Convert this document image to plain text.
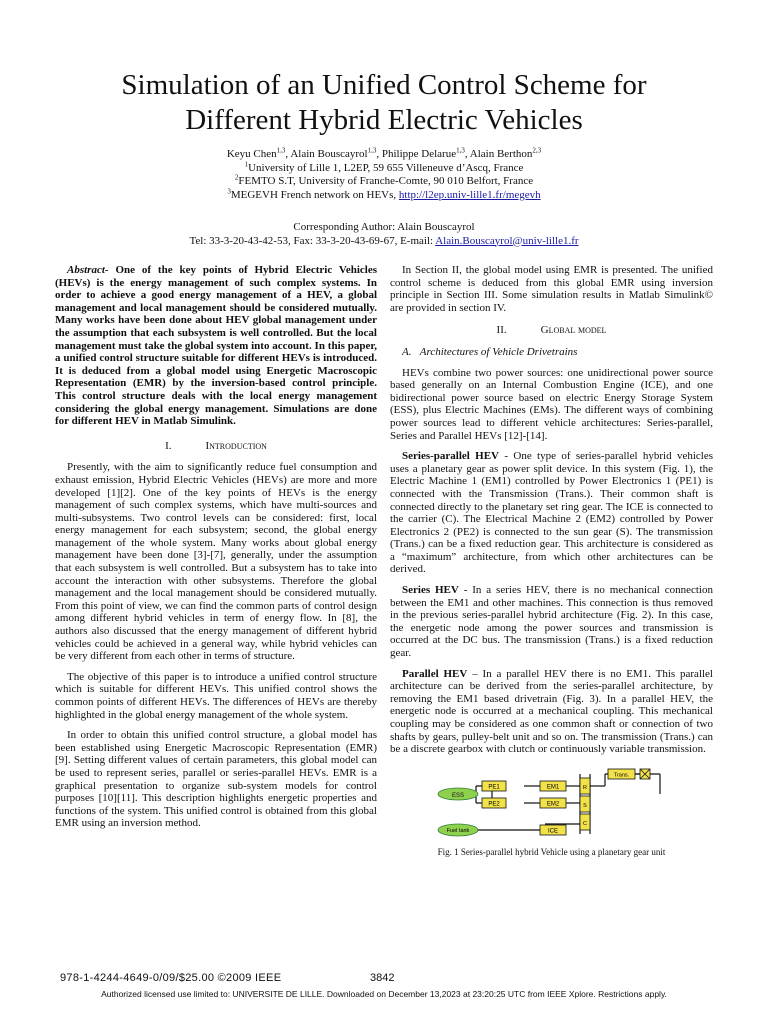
Simulation of an Unified Control Scheme for
Different Hybrid Electric Vehicles
Keyu Chen$^{1,3}$, Alain Bouscayrol$^{1,3}$, Philippe Delarue$^{1,3}$, Alain Berthon$^{2,3}$
$^1$University of Lille 1, L2EP, 59 655 Villeneuve d’Ascq, France
$^2$FEMTO S.T, University of Franche-Comte, 90 010 Belfort, France
$^3$MEGEVH French network on HEVs, http://l2ep.univ-lille1.fr/megevh
Corresponding Author: Alain Bouscayrol
Tel: 33-3-20-43-42-53, Fax: 33-3-20-43-69-67, E-mail: Alain.Bouscayrol@univ-lille1.fr
Abstract- One of the key points of Hybrid Electric Vehicles (HEVs) is the energy management of such complex systems. In order to achieve a good energy management of a HEV, a global management and local management should be considered mutually. Many works have been done about HEV global management under the assumption that each subsystem is well controlled. But the local management must take the global system into account. In this paper, a unified control structure suitable for different HEVs is introduced. It is deduced from a global model using Energetic Macroscopic Representation (EMR) by the inversion-based control principle. This control structure deals with the local energy management considering the global energy management. Simulations are done for different HEV in Matlab Simulink.
I.	Introduction

Presently, with the aim to significantly reduce fuel consumption and exhaust emission, Hybrid Electric Vehicles (HEVs) are more and more developed [1][2]. One of the key points of HEVs is the energy management of such complex systems, which have multi-sources and multi-subsystems. Two control levels can be considered: first, local energy management for each subsystem; second, the global energy management of the whole system. Many works about global energy management have been done [3]-[7], generally, under the assumption that each subsystem is well controlled. But a subsystem has to take into account the interaction with other subsystems. Therefore the global management and the local management should be considered mutually. From this point of view, we can find the common parts of control design among different hybrid vehicles in term of energy flow. In [8], the authors also discussed that the energy management of different hybrid vehicles could be achieved in a general way, while hybrid vehicles can be very different from each other in terms of structure.

The objective of this paper is to introduce a unified control structure which is suitable for different HEVs. This unified control shows the common points of different HEVs. The differences of HEVs are thereby highlighted in the global energy management of the whole system.

In order to obtain this unified control structure, a global model has been established using Energetic Macroscopic Representation (EMR) [9]. Setting different values of certain parameters, this global model can be used to represent series, parallel or series-parallel HEVs. EMR is a graphical presentation to organize sub-system models for control purposes [10][11]. This description highlights energetic properties and functions of the system. This unified control is obtained from this global EMR using an inversion method.

In Section II, the global model using EMR is presented. The unified control scheme is deduced from this global EMR using inversion principle in Section III. Some simulation results in Matlab Simulink© are provided in section IV.

II.	Global model
A. Architectures of Vehicle Drivetrains

HEVs combine two power sources: one unidirectional power source based generally on an Internal Combustion Engine (ICE), and one bidirectional power source based on electric Energy Storage System (ESS), plus Electric Machines (EMs). The different ways of combining power sources lead to different vehicle architectures: Series-parallel, Series and Parallel HEVs [12]-[14].

Series-parallel HEV - One type of series-parallel hybrid vehicles uses a planetary gear as power split device. In this system (Fig. 1), the Electric Machine 1 (EM1) controlled by Power Electronics 1 (PE1) is connected with the Transmission (Trans.). Their common shaft is connected directly to the planetary set ring gear. The ICE is connected to the carrier (C). The Electrical Machine 2 (EM2) controlled by Power Electronics 2 (PE2) is connected to the sun gear (S). The transmission (Trans.) can be a fixed reduction gear. This architecture is considered as a “maximum” architecture, from which other architectures can be derived.

Series HEV - In a series HEV, there is no mechanical connection between the EM1 and other machines. This connection is thus removed in the previous series-parallel hybrid architecture (Fig. 2). In this case, the energetic node among the power sources and transmission is occurred at the DC bus. The transmission (Trans.) is a fixed reduction gear.

Parallel HEV – In a parallel HEV there is no EM1. This parallel architecture can be derived from the series-parallel architecture, by removing the EM1 based drivetrain (Fig. 3). In a parallel HEV, the energetic node is occurred at a mechanical coupling. This mechanical coupling may be considered as one common shaft or connection of two shafts by gears, pulley-belt unit and so on. The transmission (Trans.) can be a discrete gearbox with clutch or continuously variable transmission.

ESS
PE1
PE2
EM1
EM2
R
S
C
Trans.
Fuel tank	ICE
Fig. 1 Series-parallel hybrid Vehicle using a planetary gear unit
978-1-4244-4649-0/09/$25.00 ©2009 IEEE	3842
Authorized licensed use limited to: UNIVERSITE DE LILLE. Downloaded on December 13,2023 at 23:20:25 UTC from IEEE Xplore. Restrictions apply.
